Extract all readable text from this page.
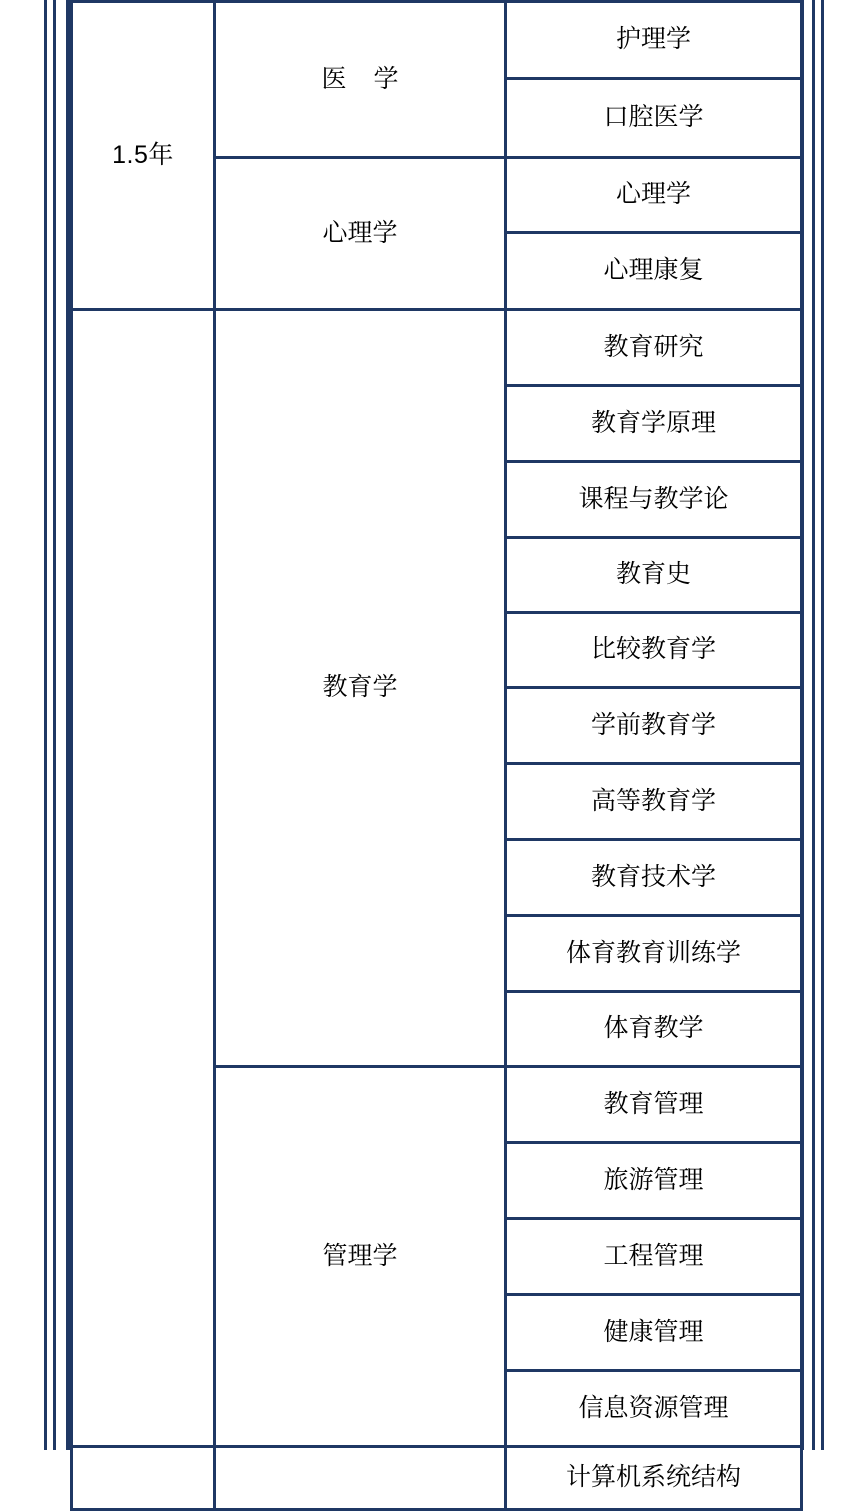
1.5年	医 学	护理学
		口腔医学
	心理学	心理学
		心理康复
	教育学	教育研究
		教育学原理
		课程与教学论
		教育史
		比较教育学
		学前教育学
		高等教育学
		教育技术学
		体育教育训练学
		体育教学
	管理学	教育管理
		旅游管理
		工程管理
		健康管理
		信息资源管理
		计算机系统结构
